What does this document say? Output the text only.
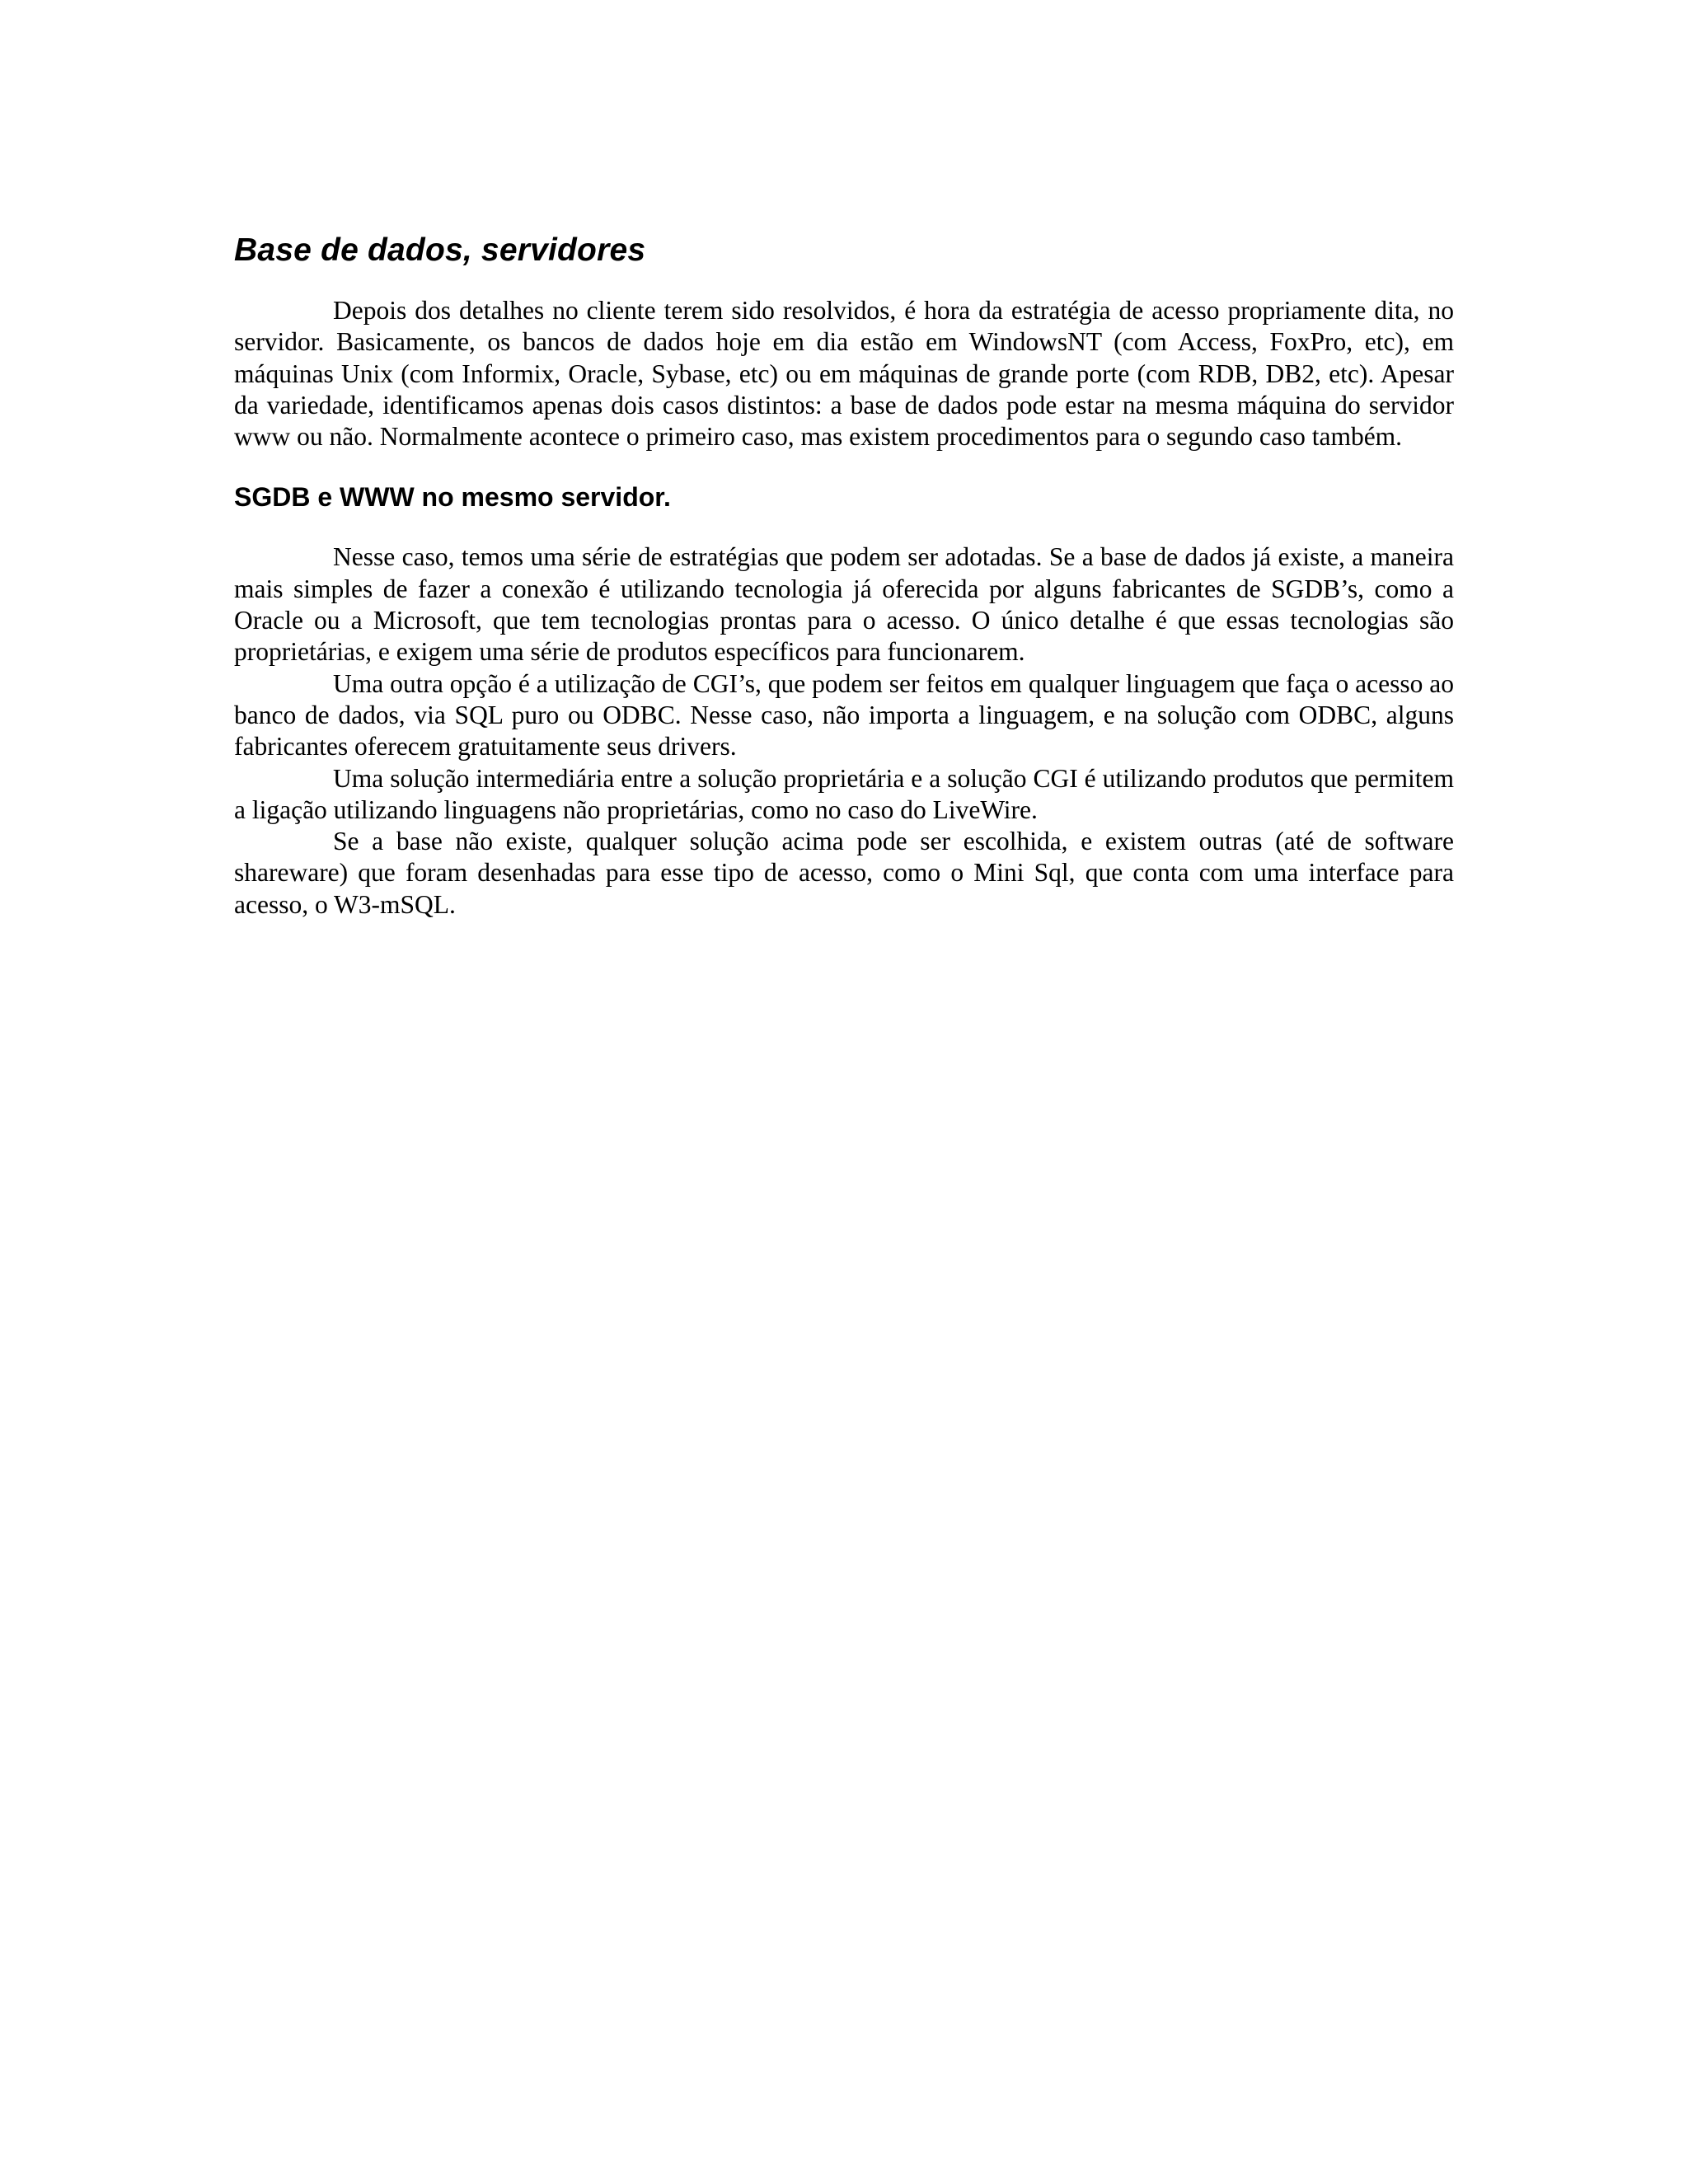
Base de dados, servidores

Depois dos detalhes no cliente terem sido resolvidos, é hora da estratégia de acesso propriamente dita, no servidor. Basicamente, os bancos de dados hoje em dia estão em WindowsNT (com Access, FoxPro, etc), em máquinas Unix (com Informix, Oracle, Sybase, etc) ou em máquinas de grande porte (com RDB, DB2, etc). Apesar da variedade, identificamos apenas dois casos distintos: a base de dados pode estar na mesma máquina do servidor www ou não. Normalmente acontece o primeiro caso, mas existem procedimentos para o segundo caso também.

SGDB e WWW no mesmo servidor.

Nesse caso, temos uma série de estratégias que podem ser adotadas. Se a base de dados já existe, a maneira mais simples de fazer a conexão é utilizando tecnologia já oferecida por alguns fabricantes de SGDB’s, como a Oracle ou a Microsoft, que tem tecnologias prontas para o acesso. O único detalhe é que essas tecnologias são proprietárias, e exigem uma série de produtos específicos para funcionarem.

Uma outra opção é a utilização de CGI’s, que podem ser feitos em qualquer linguagem que faça o acesso ao banco de dados, via SQL puro ou ODBC. Nesse caso, não importa a linguagem, e na solução com ODBC, alguns fabricantes oferecem gratuitamente seus drivers.

Uma solução intermediária entre a solução proprietária e a solução CGI é utilizando produtos que permitem a ligação utilizando linguagens não proprietárias, como no caso do LiveWire.

Se a base não existe, qualquer solução acima pode ser escolhida, e existem outras (até de software shareware) que foram desenhadas para esse tipo de acesso, como o Mini Sql, que conta com uma interface para acesso, o W3-mSQL.
